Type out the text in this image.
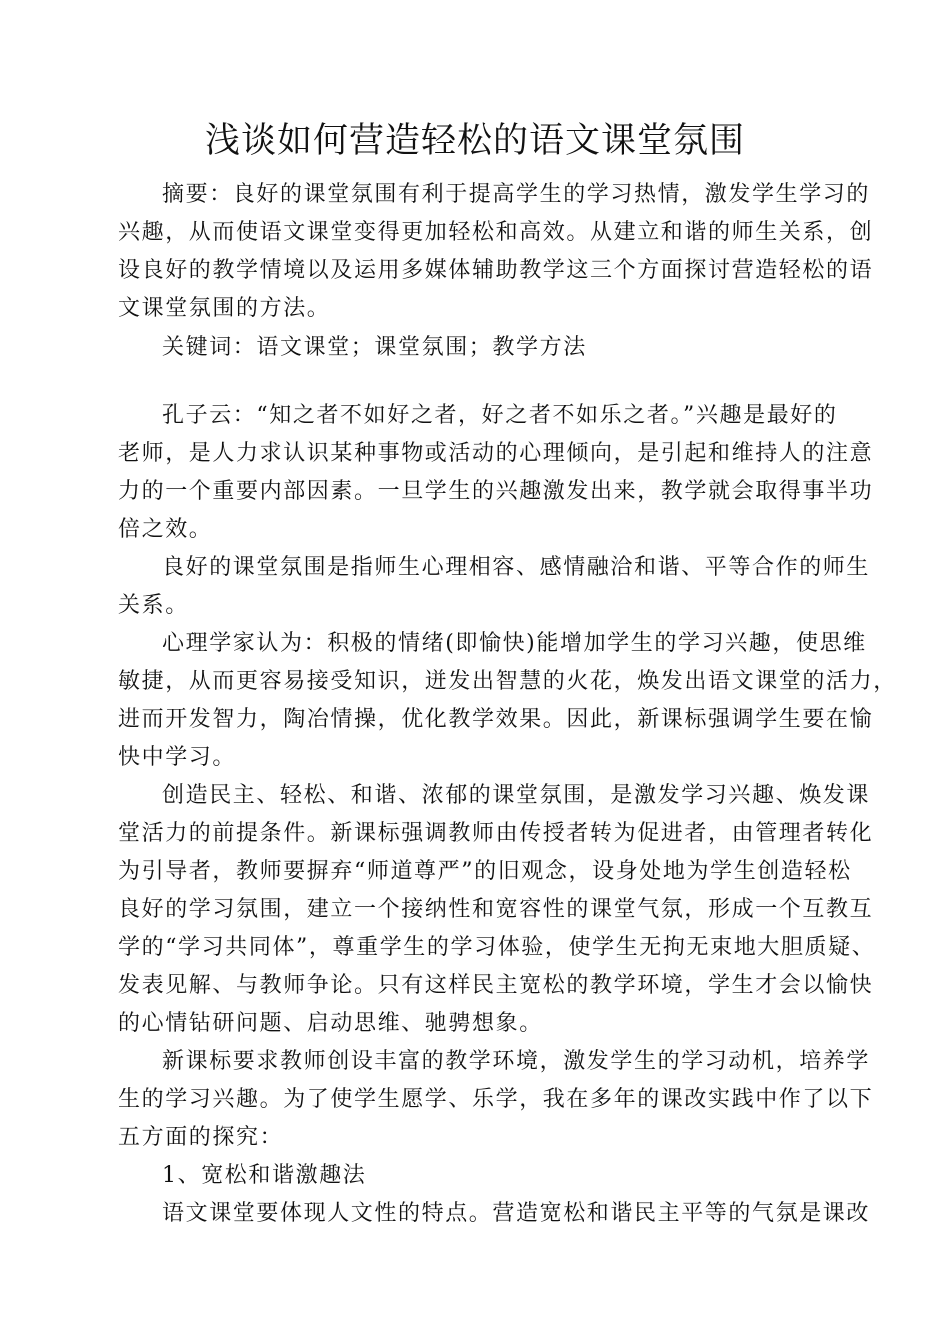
浅谈如何营造轻松的语文课堂氛围
摘要：良好的课堂氛围有利于提高学生的学习热情，激发学生学习的
兴趣，从而使语文课堂变得更加轻松和高效。从建立和谐的师生关系，创
设良好的教学情境以及运用多媒体辅助教学这三个方面探讨营造轻松的语
文课堂氛围的方法。
关键词：语文课堂；课堂氛围；教学方法
孔子云：“知之者不如好之者，好之者不如乐之者。”兴趣是最好的
老师，是人力求认识某种事物或活动的心理倾向，是引起和维持人的注意
力的一个重要内部因素。一旦学生的兴趣激发出来，教学就会取得事半功
倍之效。
良好的课堂氛围是指师生心理相容、感情融洽和谐、平等合作的师生
关系。
心理学家认为：积极的情绪(即愉快)能增加学生的学习兴趣，使思维
敏捷，从而更容易接受知识，迸发出智慧的火花，焕发出语文课堂的活力，
进而开发智力，陶冶情操，优化教学效果。因此，新课标强调学生要在愉
快中学习。
创造民主、轻松、和谐、浓郁的课堂氛围，是激发学习兴趣、焕发课
堂活力的前提条件。新课标强调教师由传授者转为促进者，由管理者转化
为引导者，教师要摒弃“师道尊严”的旧观念，设身处地为学生创造轻松
良好的学习氛围，建立一个接纳性和宽容性的课堂气氛，形成一个互教互
学的“学习共同体”，尊重学生的学习体验，使学生无拘无束地大胆质疑、
发表见解、与教师争论。只有这样民主宽松的教学环境，学生才会以愉快
的心情钻研问题、启动思维、驰骋想象。
新课标要求教师创设丰富的教学环境，激发学生的学习动机，培养学
生的学习兴趣。为了使学生愿学、乐学，我在多年的课改实践中作了以下
五方面的探究：
1、宽松和谐激趣法
语文课堂要体现人文性的特点。营造宽松和谐民主平等的气氛是课改
